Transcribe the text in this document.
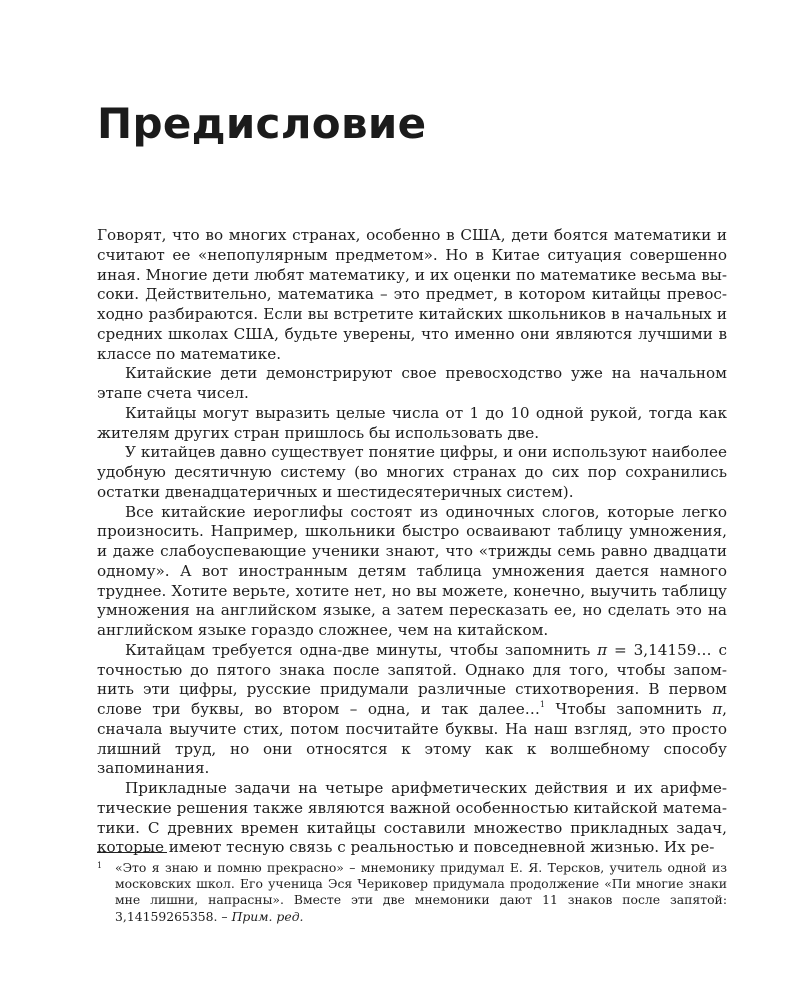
Предисловие

Говорят, что во многих странах, особенно в США, дети боятся математики и считают ее «непопулярным предметом». Но в Китае ситуация совершенно иная. Многие дети любят математику, и их оценки по математике весьма высоки. Действительно, математика – это предмет, в котором китайцы превосходно разбираются. Если вы встретите китайских школьников в начальных и средних школах США, будьте уверены, что именно они являются лучшими в классе по математике.

Китайские дети демонстрируют свое превосходство уже на начальном этапе счета чисел.

Китайцы могут выразить целые числа от 1 до 10 одной рукой, тогда как жителям других стран пришлось бы использовать две.

У китайцев давно существует понятие цифры, и они используют наиболее удобную десятичную систему (во многих странах до сих пор сохранились остатки двенадцатеричных и шестидесятеричных систем).

Все китайские иероглифы состоят из одиночных слогов, которые легко произносить. Например, школьники быстро осваивают таблицу умножения, и даже слабоуспевающие ученики знают, что «трижды семь равно двадцати одному». А вот иностранным детям таблица умножения дается намного труднее. Хотите верьте, хотите нет, но вы можете, конечно, выучить таблицу умножения на английском языке, а затем пересказать ее, но сделать это на английском языке гораздо сложнее, чем на китайском.

Китайцам требуется одна-две минуты, чтобы запомнить π = 3,14159… с точностью до пятого знака после запятой. Однако для того, чтобы запомнить эти цифры, русские придумали различные стихотворения. В первом слове три буквы, во втором – одна, и так далее…$^1$ Чтобы запомнить π, сначала выучите стих, потом посчитайте буквы. На наш взгляд, это просто лишний труд, но они относятся к этому как к волшебному способу запоминания.

Прикладные задачи на четыре арифметических действия и их арифметические решения также являются важной особенностью китайской математики. С древних времен китайцы составили множество прикладных задач, которые имеют тесную связь с реальностью и повседневной жизнью. Их ре-

1 «Это я знаю и помню прекрасно» – мнемонику придумал Е. Я. Терсков, учитель одной из московских школ. Его ученица Эся Чериковер придумала продолжение «Пи многие знаки мне лишни, напрасны». Вместе эти две мнемоники дают 11 знаков после запятой: 3,14159265358. – Прим. ред.
